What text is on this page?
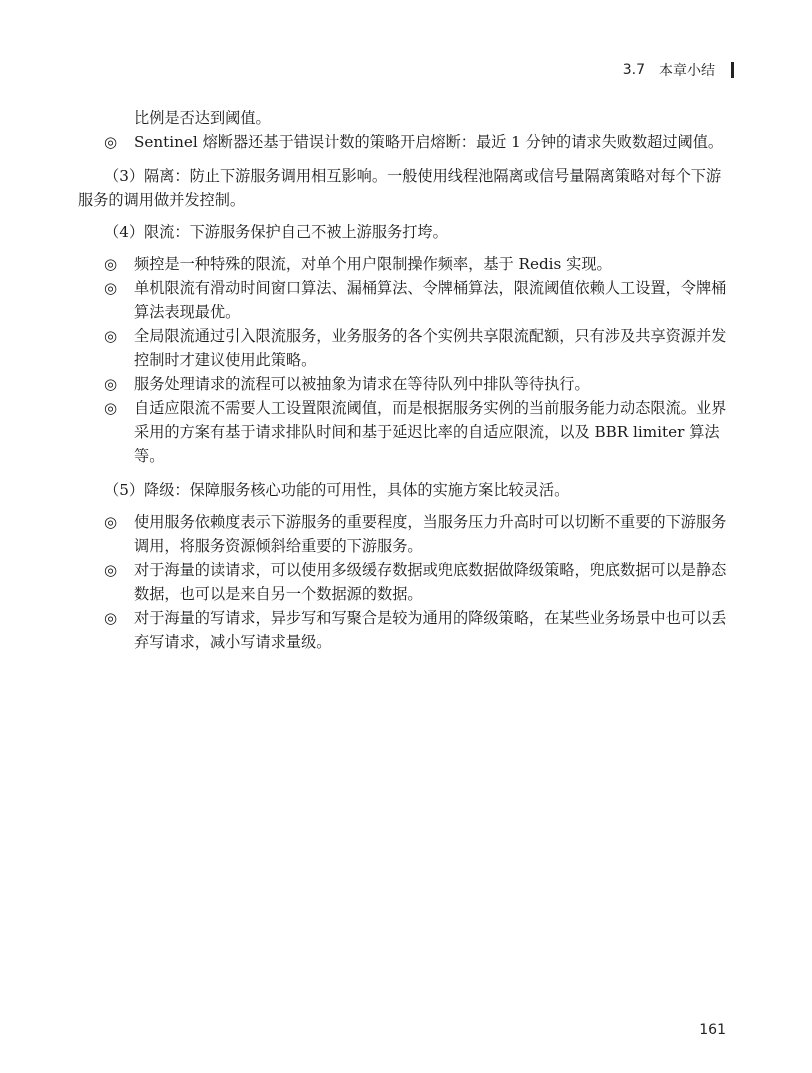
3.7 本章小结

比例是否达到阈值。

◎ Sentinel 熔断器还基于错误计数的策略开启熔断：最近 1 分钟的请求失败数超过阈值。

（3）隔离：防止下游服务调用相互影响。一般使用线程池隔离或信号量隔离策略对每个下游服务的调用做并发控制。

（4）限流：下游服务保护自己不被上游服务打垮。

◎ 频控是一种特殊的限流，对单个用户限制操作频率，基于 Redis 实现。

◎ 单机限流有滑动时间窗口算法、漏桶算法、令牌桶算法，限流阈值依赖人工设置，令牌桶算法表现最优。

◎ 全局限流通过引入限流服务，业务服务的各个实例共享限流配额，只有涉及共享资源并发控制时才建议使用此策略。

◎ 服务处理请求的流程可以被抽象为请求在等待队列中排队等待执行。

◎ 自适应限流不需要人工设置限流阈值，而是根据服务实例的当前服务能力动态限流。业界采用的方案有基于请求排队时间和基于延迟比率的自适应限流，以及 BBR limiter 算法等。

（5）降级：保障服务核心功能的可用性，具体的实施方案比较灵活。

◎ 使用服务依赖度表示下游服务的重要程度，当服务压力升高时可以切断不重要的下游服务调用，将服务资源倾斜给重要的下游服务。

◎ 对于海量的读请求，可以使用多级缓存数据或兜底数据做降级策略，兜底数据可以是静态数据，也可以是来自另一个数据源的数据。

◎ 对于海量的写请求，异步写和写聚合是较为通用的降级策略，在某些业务场景中也可以丢弃写请求，减小写请求量级。

161
